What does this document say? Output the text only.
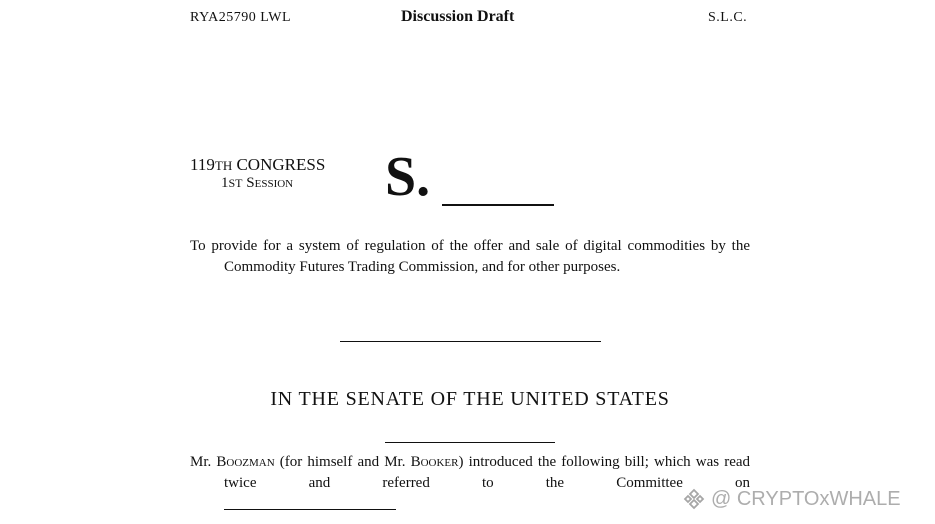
RYA25790 LWL	Discussion Draft	S.L.C.
119TH CONGRESS
1ST Session S.

To provide for a system of regulation of the offer and sale of digital commodities by the Commodity Futures Trading Commission, and for other purposes.

IN THE SENATE OF THE UNITED STATES

Mr. Boozman (for himself and Mr. Booker) introduced the following bill; which was read twice and referred to the Committee on

@ CRYPTOxWHALE
